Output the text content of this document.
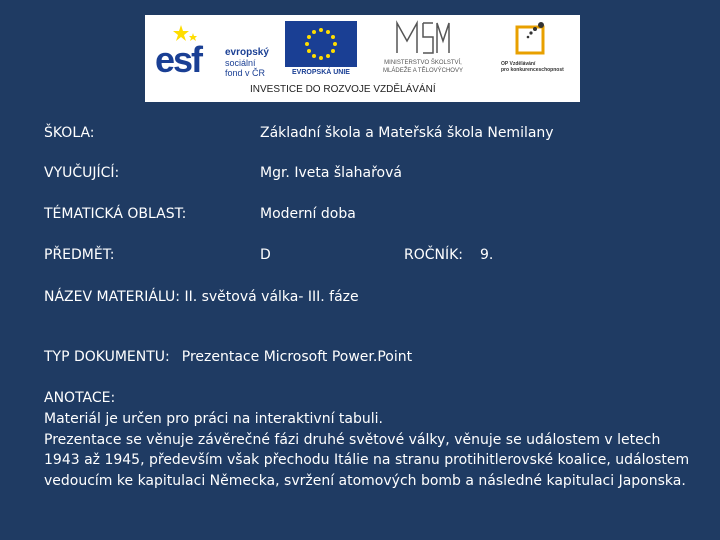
esf evropský
sociální
fond v ČR	EVROPSKÁ UNIE
MINISTERSTVO ŠKOLSTVÍ,
MLÁDEŽE A TĚLOVÝCHOVY
OP Vzdělávání
pro konkurenceschopnost
INVESTICE DO ROZVOJE VZDĚLÁVÁNÍ
ŠKOLA:	Základní škola a Mateřská škola Nemilany
VYUČUJÍCÍ:	Mgr. Iveta šlahařová
TÉMATICKÁ OBLAST:	Moderní doba
PŘEDMĚT:	D	ROČNÍK: 9.
NÁZEV MATERIÁLU: II. světová válka- III. fáze
TYP DOKUMENTU: Prezentace Microsoft Power.Point
ANOTACE:
Materiál je určen pro práci na interaktivní tabuli.
Prezentace se věnuje závěrečné fázi druhé světové války, věnuje se událostem v letech 1943 až 1945, především však přechodu Itálie na stranu protihitlerovské koalice, událostem vedoucím ke kapitulaci Německa, svržení atomových bomb a následné kapitulaci Japonska.
